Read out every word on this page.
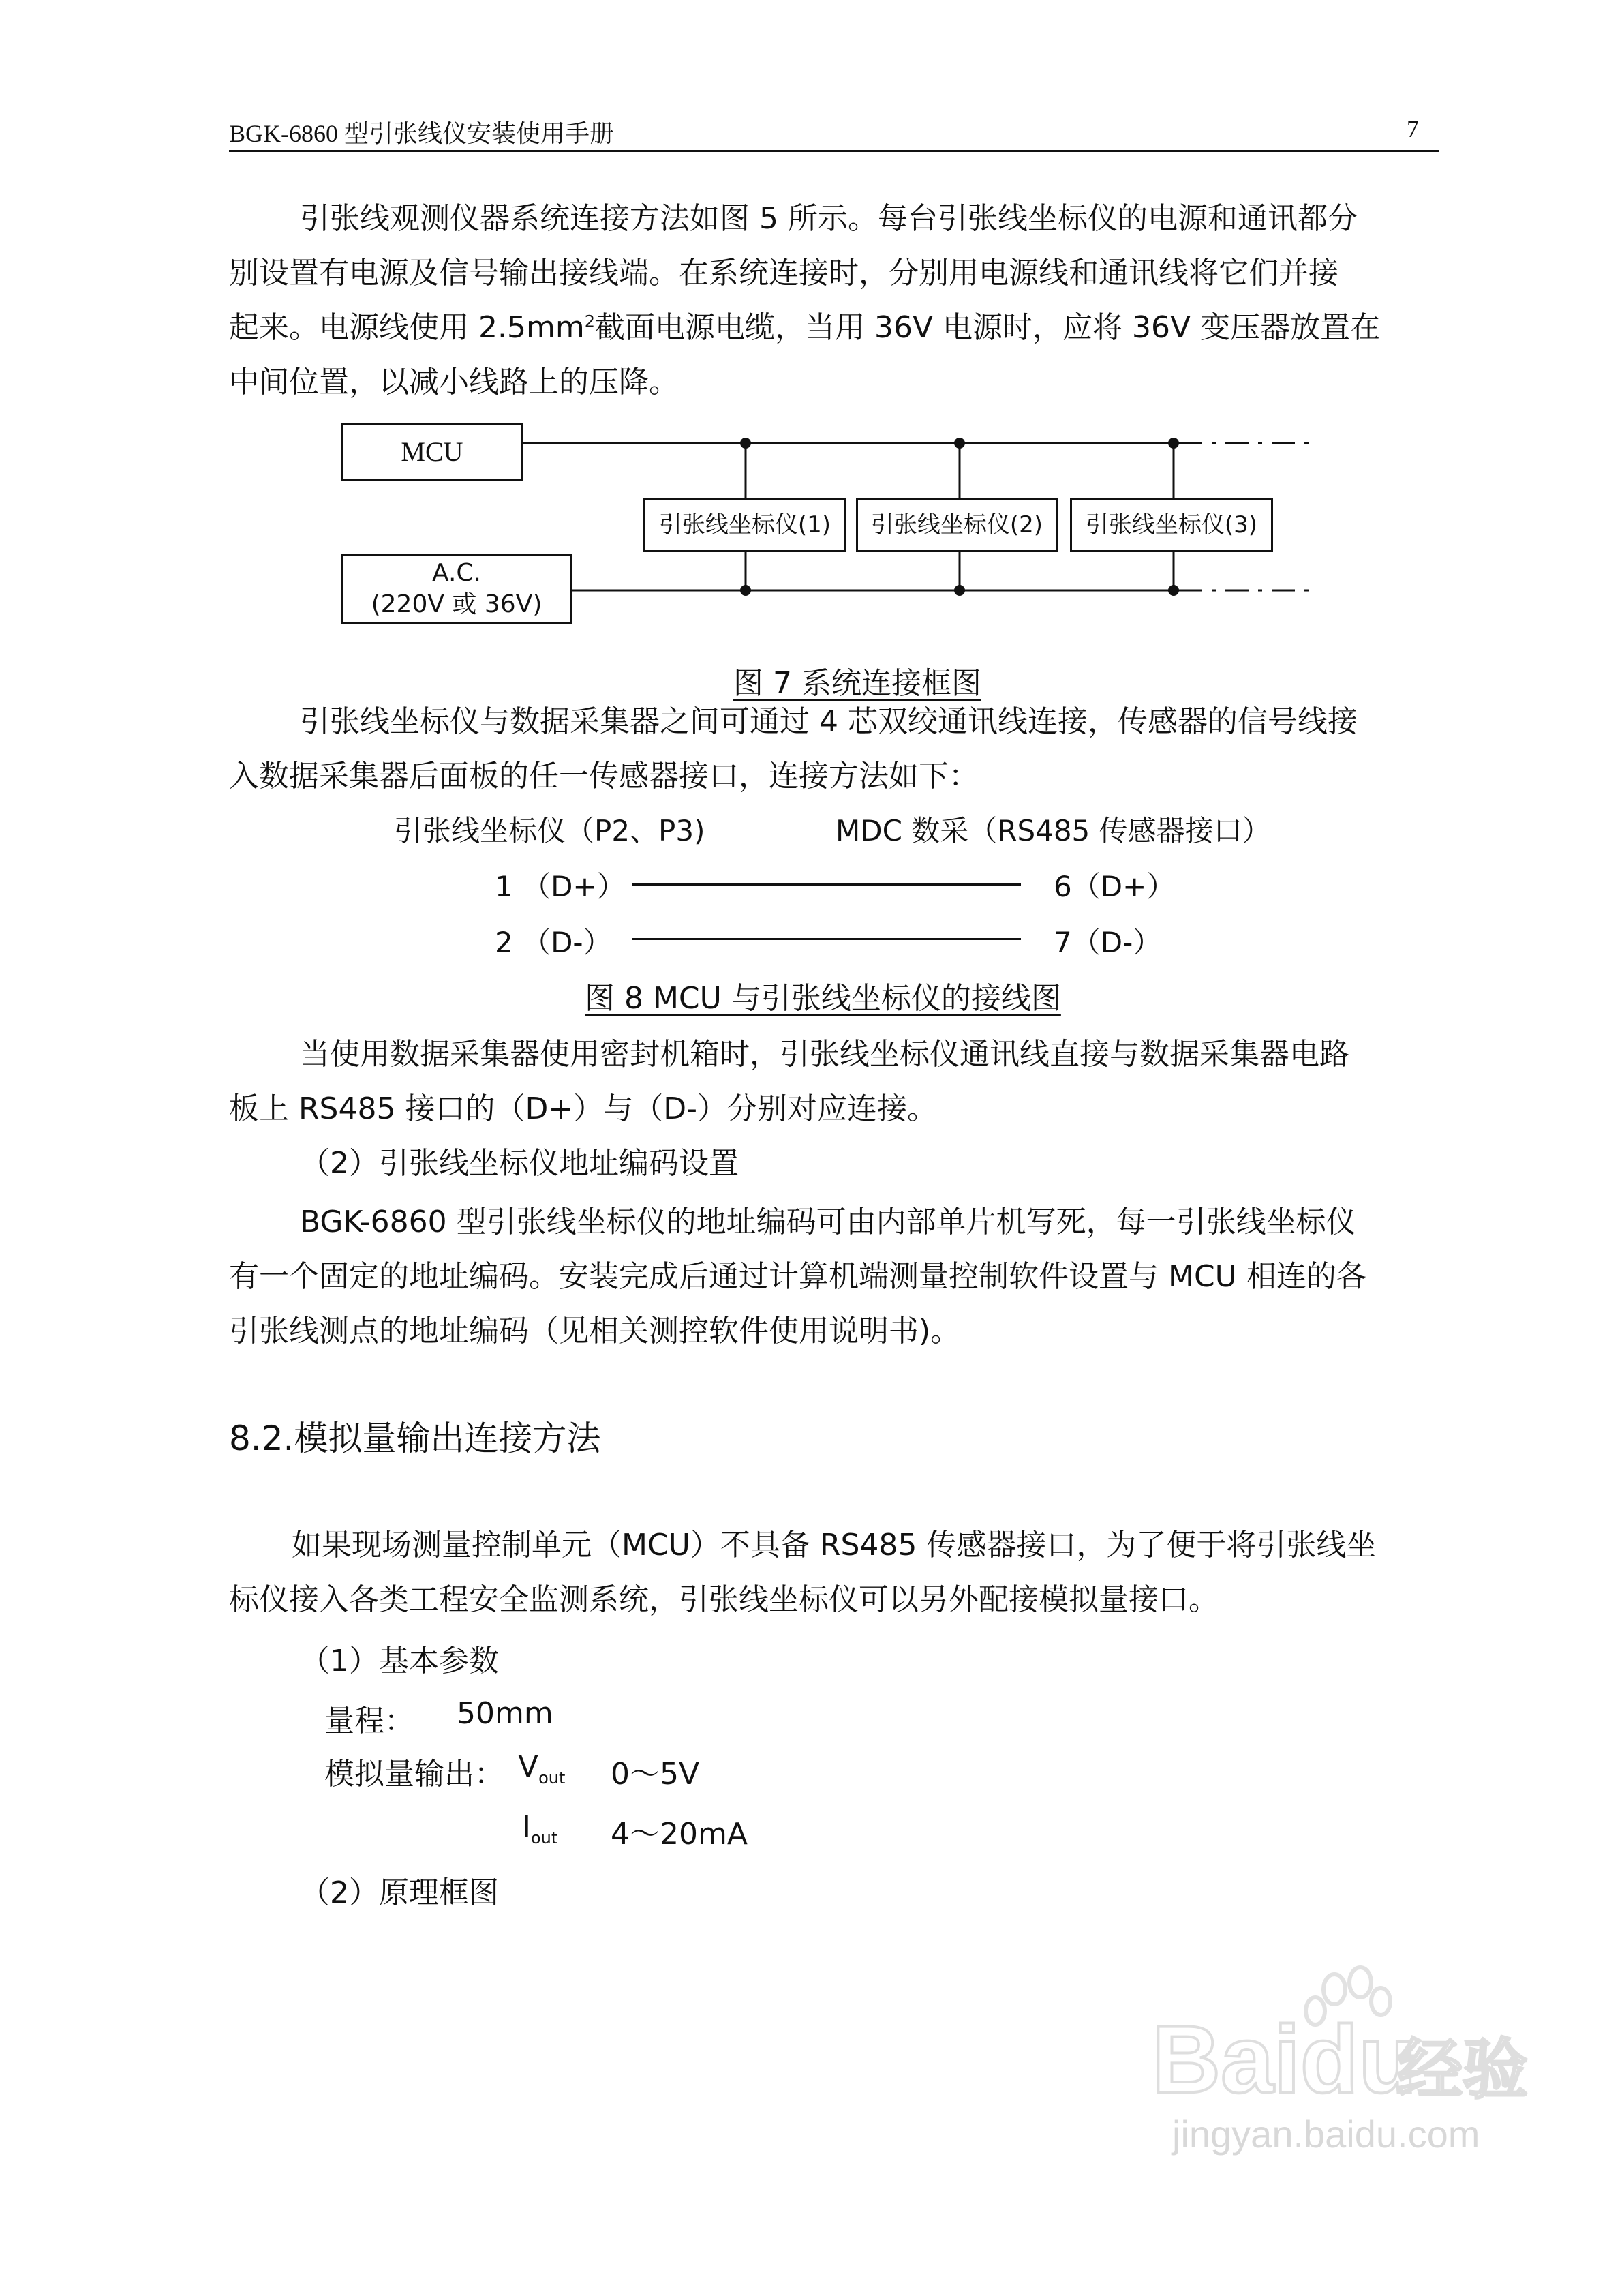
BGK-6860 型引张线仪安装使用手册	7
引张线观测仪器系统连接方法如图 5 所示。每台引张线坐标仪的电源和通讯都分
别设置有电源及信号输出接线端。在系统连接时，分别用电源线和通讯线将它们并接
起来。电源线使用 $2.5mm^2$截面电源电缆，当用 36V 电源时，应将 36V 变压器放置在
中间位置，以减小线路上的压降。
MCU
A.C.
(220V 或 36V)
引张线坐标仪(1)	引张线坐标仪(2)	引张线坐标仪(3)
图 7 系统连接框图
引张线坐标仪与数据采集器之间可通过 4 芯双绞通讯线连接，传感器的信号线接
入数据采集器后面板的任一传感器接口，连接方法如下：
引张线坐标仪（P2、P3)	MDC 数采（RS485 传感器接口）
1 （D+）	6（D+）
2 （D-）	7（D-）
图 8 MCU 与引张线坐标仪的接线图
当使用数据采集器使用密封机箱时，引张线坐标仪通讯线直接与数据采集器电路
板上 RS485 接口的（D+）与（D-）分别对应连接。
（2）引张线坐标仪地址编码设置
BGK-6860 型引张线坐标仪的地址编码可由内部单片机写死，每一引张线坐标仪
有一个固定的地址编码。安装完成后通过计算机端测量控制软件设置与 MCU 相连的各
引张线测点的地址编码（见相关测控软件使用说明书)。
8.2.模拟量输出连接方法
如果现场测量控制单元（MCU）不具备 RS485 传感器接口，为了便于将引张线坐
标仪接入各类工程安全监测系统，引张线坐标仪可以另外配接模拟量接口。
（1）基本参数
量程： 50mm
模拟量输出： $V_{out}$ 0～5V
$I_{out}$ 4～20mA
（2）原理框图
Baidu
经验
jingyan.baidu.com
